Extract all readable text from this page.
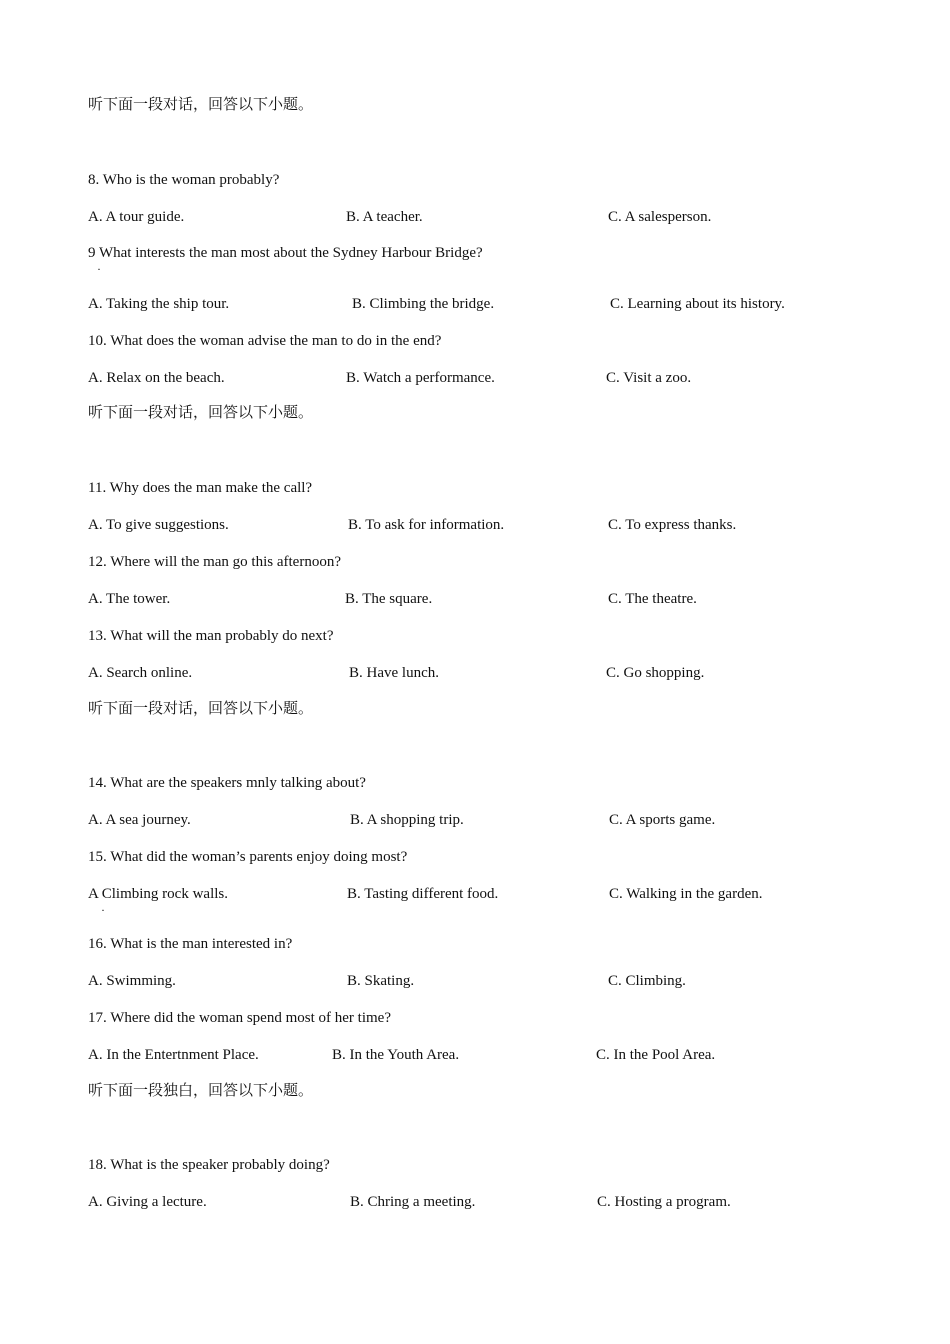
听下面一段对话，回答以下小题。
8. Who is the woman probably?
A. A tour guide.	B. A teacher.	C. A salesperson.
9 What interests the man most about the Sydney Harbour Bridge?
·
A. Taking the ship tour.	B. Climbing the bridge.	C. Learning about its history.
10. What does the woman advise the man to do in the end?
A. Relax on the beach.	B. Watch a performance.	C. Visit a zoo.
听下面一段对话，回答以下小题。
11. Why does the man make the call?
A. To give suggestions.	B. To ask for information.	C. To express thanks.
12. Where will the man go this afternoon?
A. The tower.	B. The square.	C. The theatre.
13. What will the man probably do next?
A. Search online.	B. Have lunch.	C. Go shopping.
听下面一段对话，回答以下小题。
14. What are the speakers mnly talking about?
A. A sea journey.	B. A shopping trip.	C. A sports game.
15. What did the woman’s parents enjoy doing most?
A Climbing rock walls.
·
B. Tasting different food.	C. Walking in the garden.
16. What is the man interested in?
A. Swimming.	B. Skating.	C. Climbing.
17. Where did the woman spend most of her time?
A. In the Entertnment Place.	B. In the Youth Area.	C. In the Pool Area.
听下面一段独白，回答以下小题。
18. What is the speaker probably doing?
A. Giving a lecture.	B. Chring a meeting.	C. Hosting a program.
